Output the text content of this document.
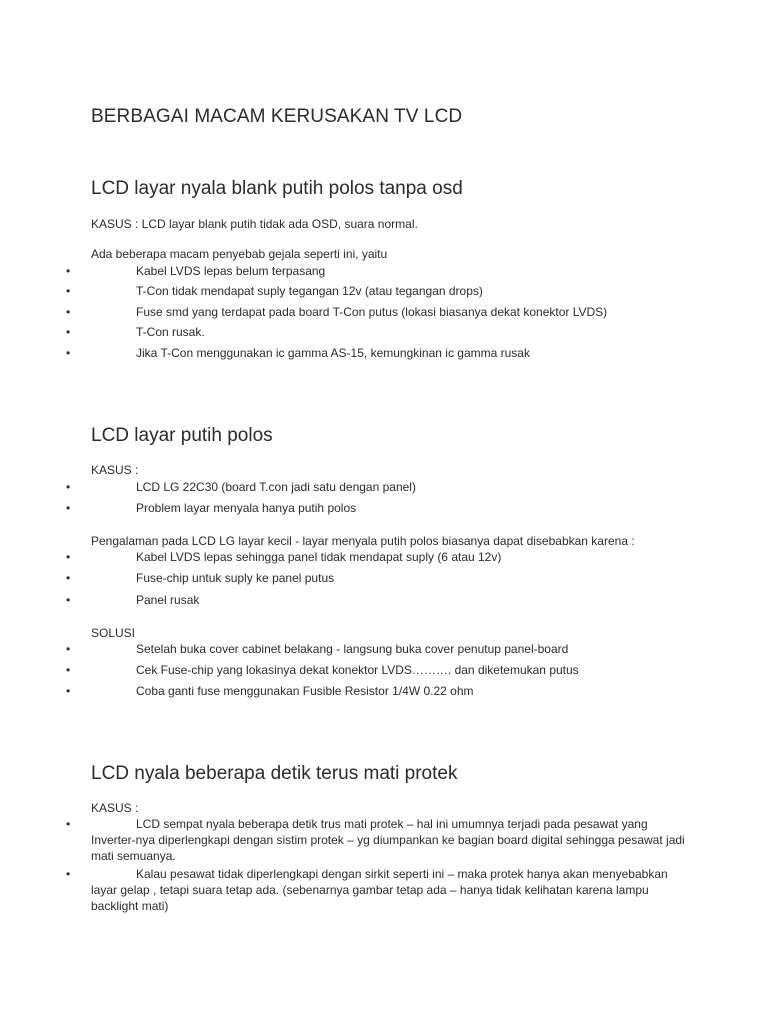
BERBAGAI MACAM KERUSAKAN TV LCD
LCD layar nyala blank putih polos tanpa osd

KASUS : LCD layar blank putih tidak ada OSD, suara normal.

Ada beberapa macam penyebab gejala seperti ini, yaitu

•	Kabel LVDS lepas belum terpasang
•	T-Con tidak mendapat suply tegangan 12v (atau tegangan drops)
•	Fuse smd yang terdapat pada board T-Con putus (lokasi biasanya dekat konektor LVDS)
•	T-Con rusak.
•	Jika T-Con menggunakan ic gamma AS-15, kemungkinan ic gamma rusak
LCD layar putih polos

KASUS :

•	LCD LG 22C30 (board T.con jadi satu dengan panel)
•	Problem layar menyala hanya putih polos

Pengalaman pada LCD LG layar kecil - layar menyala putih polos biasanya dapat disebabkan karena :

•	Kabel LVDS lepas sehingga panel tidak mendapat suply (6 atau 12v)
•	Fuse-chip untuk suply ke panel putus
•	Panel rusak

SOLUSI

•	Setelah buka cover cabinet belakang - langsung buka cover penutup panel-board
•	Cek Fuse-chip yang lokasinya dekat konektor LVDS………. dan diketemukan putus
•	Coba ganti fuse menggunakan Fusible Resistor 1/4W 0.22 ohm
LCD nyala beberapa detik terus mati protek

KASUS :

•	LCD sempat nyala beberapa detik trus mati protek – hal ini umumnya terjadi pada pesawat yang Inverter-nya diperlengkapi dengan sistim protek – yg diumpankan ke bagian board digital sehingga pesawat jadi mati semuanya.
•	Kalau pesawat tidak diperlengkapi dengan sirkit seperti ini – maka protek hanya akan menyebabkan layar gelap , tetapi suara tetap ada. (sebenarnya gambar tetap ada – hanya tidak kelihatan karena lampu backlight mati)
